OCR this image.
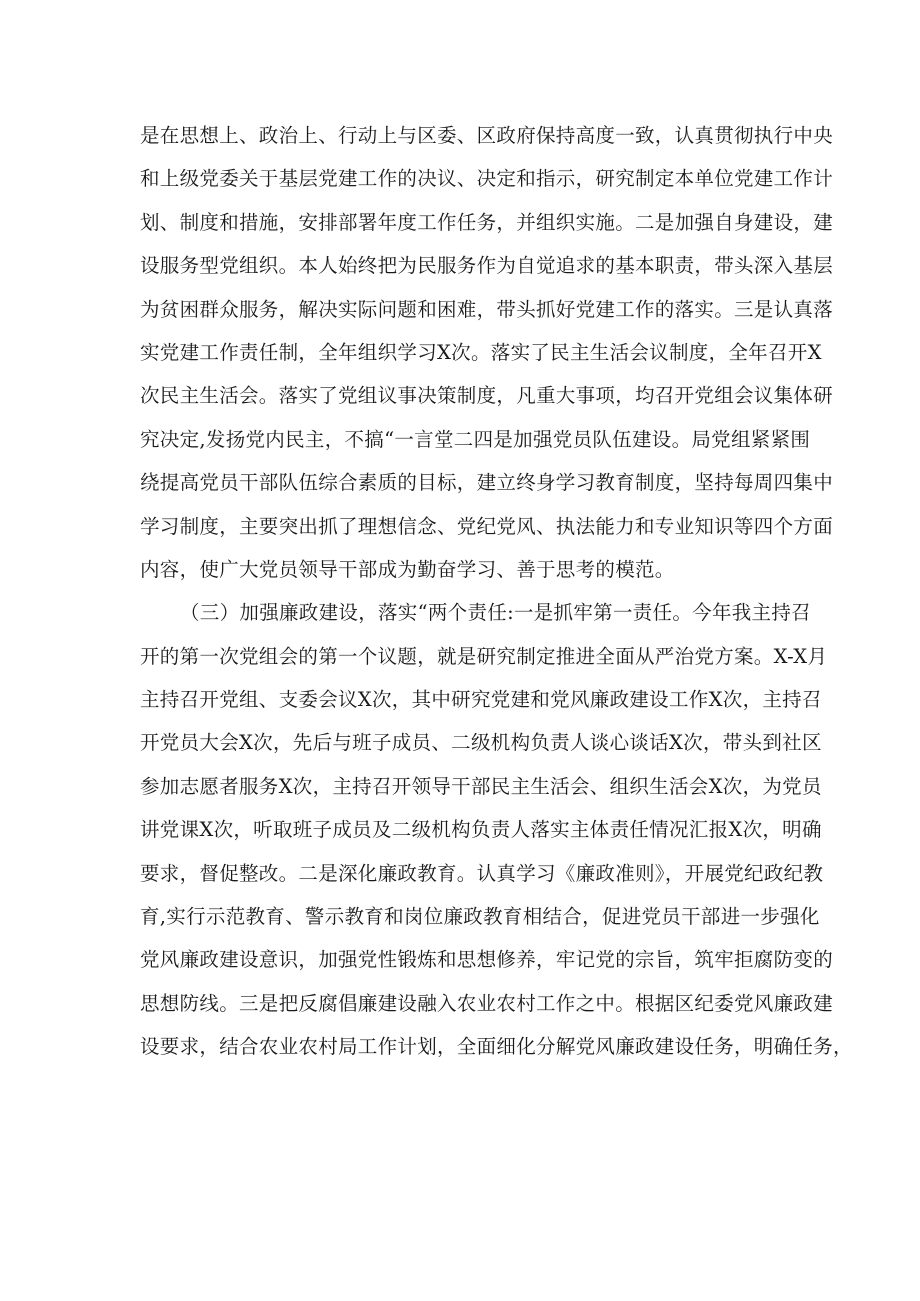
是在思想上、政治上、行动上与区委、区政府保持高度一致，认真贯彻执行中央
和上级党委关于基层党建工作的决议、决定和指示，研究制定本单位党建工作计
划、制度和措施，安排部署年度工作任务，并组织实施。二是加强自身建设，建
设服务型党组织。本人始终把为民服务作为自觉追求的基本职责，带头深入基层
为贫困群众服务，解决实际问题和困难，带头抓好党建工作的落实。三是认真落
实党建工作责任制，全年组织学习X次。落实了民主生活会议制度，全年召开X
次民主生活会。落实了党组议事决策制度，凡重大事项，均召开党组会议集体研
究决定,发扬党内民主，不搞“一言堂二四是加强党员队伍建设。局党组紧紧围
绕提高党员干部队伍综合素质的目标，建立终身学习教育制度，坚持每周四集中
学习制度，主要突出抓了理想信念、党纪党风、执法能力和专业知识等四个方面
内容，使广大党员领导干部成为勤奋学习、善于思考的模范。
（三）加强廉政建设，落实“两个责任:一是抓牢第一责任。今年我主持召
开的第一次党组会的第一个议题，就是研究制定推进全面从严治党方案。X-X月
主持召开党组、支委会议X次，其中研究党建和党风廉政建设工作X次，主持召
开党员大会X次，先后与班子成员、二级机构负责人谈心谈话X次，带头到社区
参加志愿者服务X次，主持召开领导干部民主生活会、组织生活会X次，为党员
讲党课X次，听取班子成员及二级机构负责人落实主体责任情况汇报X次，明确
要求，督促整改。二是深化廉政教育。认真学习《廉政准则》，开展党纪政纪教
育,实行示范教育、警示教育和岗位廉政教育相结合，促进党员干部进一步强化
党风廉政建设意识，加强党性锻炼和思想修养，牢记党的宗旨，筑牢拒腐防变的
思想防线。三是把反腐倡廉建设融入农业农村工作之中。根据区纪委党风廉政建
设要求，结合农业农村局工作计划，全面细化分解党风廉政建设任务，明确任务，
